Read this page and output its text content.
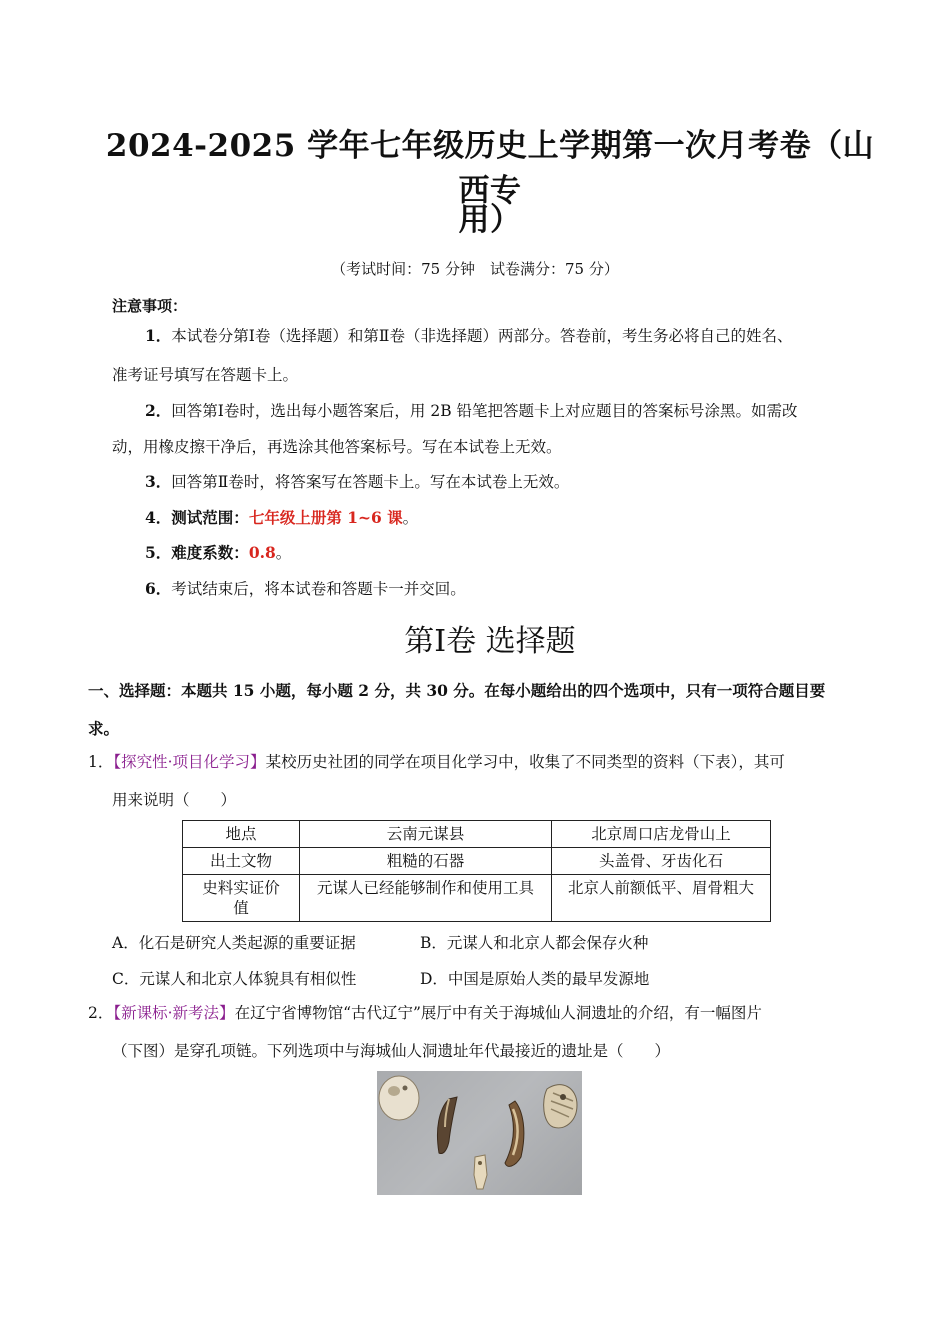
2024-2025 学年七年级历史上学期第一次月考卷（山西专
用）
（考试时间：75 分钟　试卷满分：75 分）
注意事项：
1．本试卷分第Ⅰ卷（选择题）和第Ⅱ卷（非选择题）两部分。答卷前，考生务必将自己的姓名、
准考证号填写在答题卡上。
2．回答第Ⅰ卷时，选出每小题答案后，用 2B 铅笔把答题卡上对应题目的答案标号涂黑。如需改
动，用橡皮擦干净后，再选涂其他答案标号。写在本试卷上无效。
3．回答第Ⅱ卷时，将答案写在答题卡上。写在本试卷上无效。
4．测试范围：七年级上册第 1~6 课。
5．难度系数：0.8。
6．考试结束后，将本试卷和答题卡一并交回。
第Ⅰ卷 选择题
一、选择题：本题共 15 小题，每小题 2 分，共 30 分。在每小题给出的四个选项中，只有一项符合题目要
求。
1．【探究性·项目化学习】某校历史社团的同学在项目化学习中，收集了不同类型的资料（下表），其可
用来说明（　　）
地点	云南元谋县	北京周口店龙骨山上
出土文物	粗糙的石器	头盖骨、牙齿化石
史料实证价值	元谋人已经能够制作和使用工具	北京人前额低平、眉骨粗大
A．化石是研究人类起源的重要证据	B．元谋人和北京人都会保存火种
C．元谋人和北京人体貌具有相似性	D．中国是原始人类的最早发源地
2．【新课标·新考法】在辽宁省博物馆“古代辽宁”展厅中有关于海城仙人洞遗址的介绍，有一幅图片
（下图）是穿孔项链。下列选项中与海城仙人洞遗址年代最接近的遗址是（　　）
